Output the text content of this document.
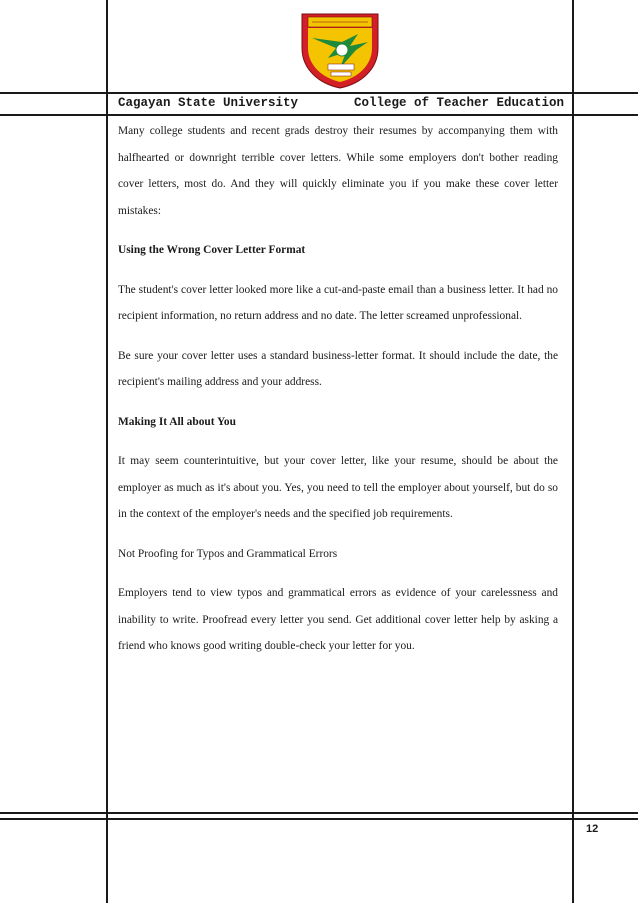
Cagayan State University	College of Teacher Education

Many college students and recent grads destroy their resumes by accompanying them with halfhearted or downright terrible cover letters. While some employers don't bother reading cover letters, most do. And they will quickly eliminate you if you make these cover letter mistakes:

Using the Wrong Cover Letter Format

The student's cover letter looked more like a cut-and-paste email than a business letter. It had no recipient information, no return address and no date. The letter screamed unprofessional.

Be sure your cover letter uses a standard business-letter format. It should include the date, the recipient's mailing address and your address.

Making It All about You

It may seem counterintuitive, but your cover letter, like your resume, should be about the employer as much as it's about you. Yes, you need to tell the employer about yourself, but do so in the context of the employer's needs and the specified job requirements.

Not Proofing for Typos and Grammatical Errors

Employers tend to view typos and grammatical errors as evidence of your carelessness and inability to write. Proofread every letter you send. Get additional cover letter help by asking a friend who knows good writing double-check your letter for you.

12
